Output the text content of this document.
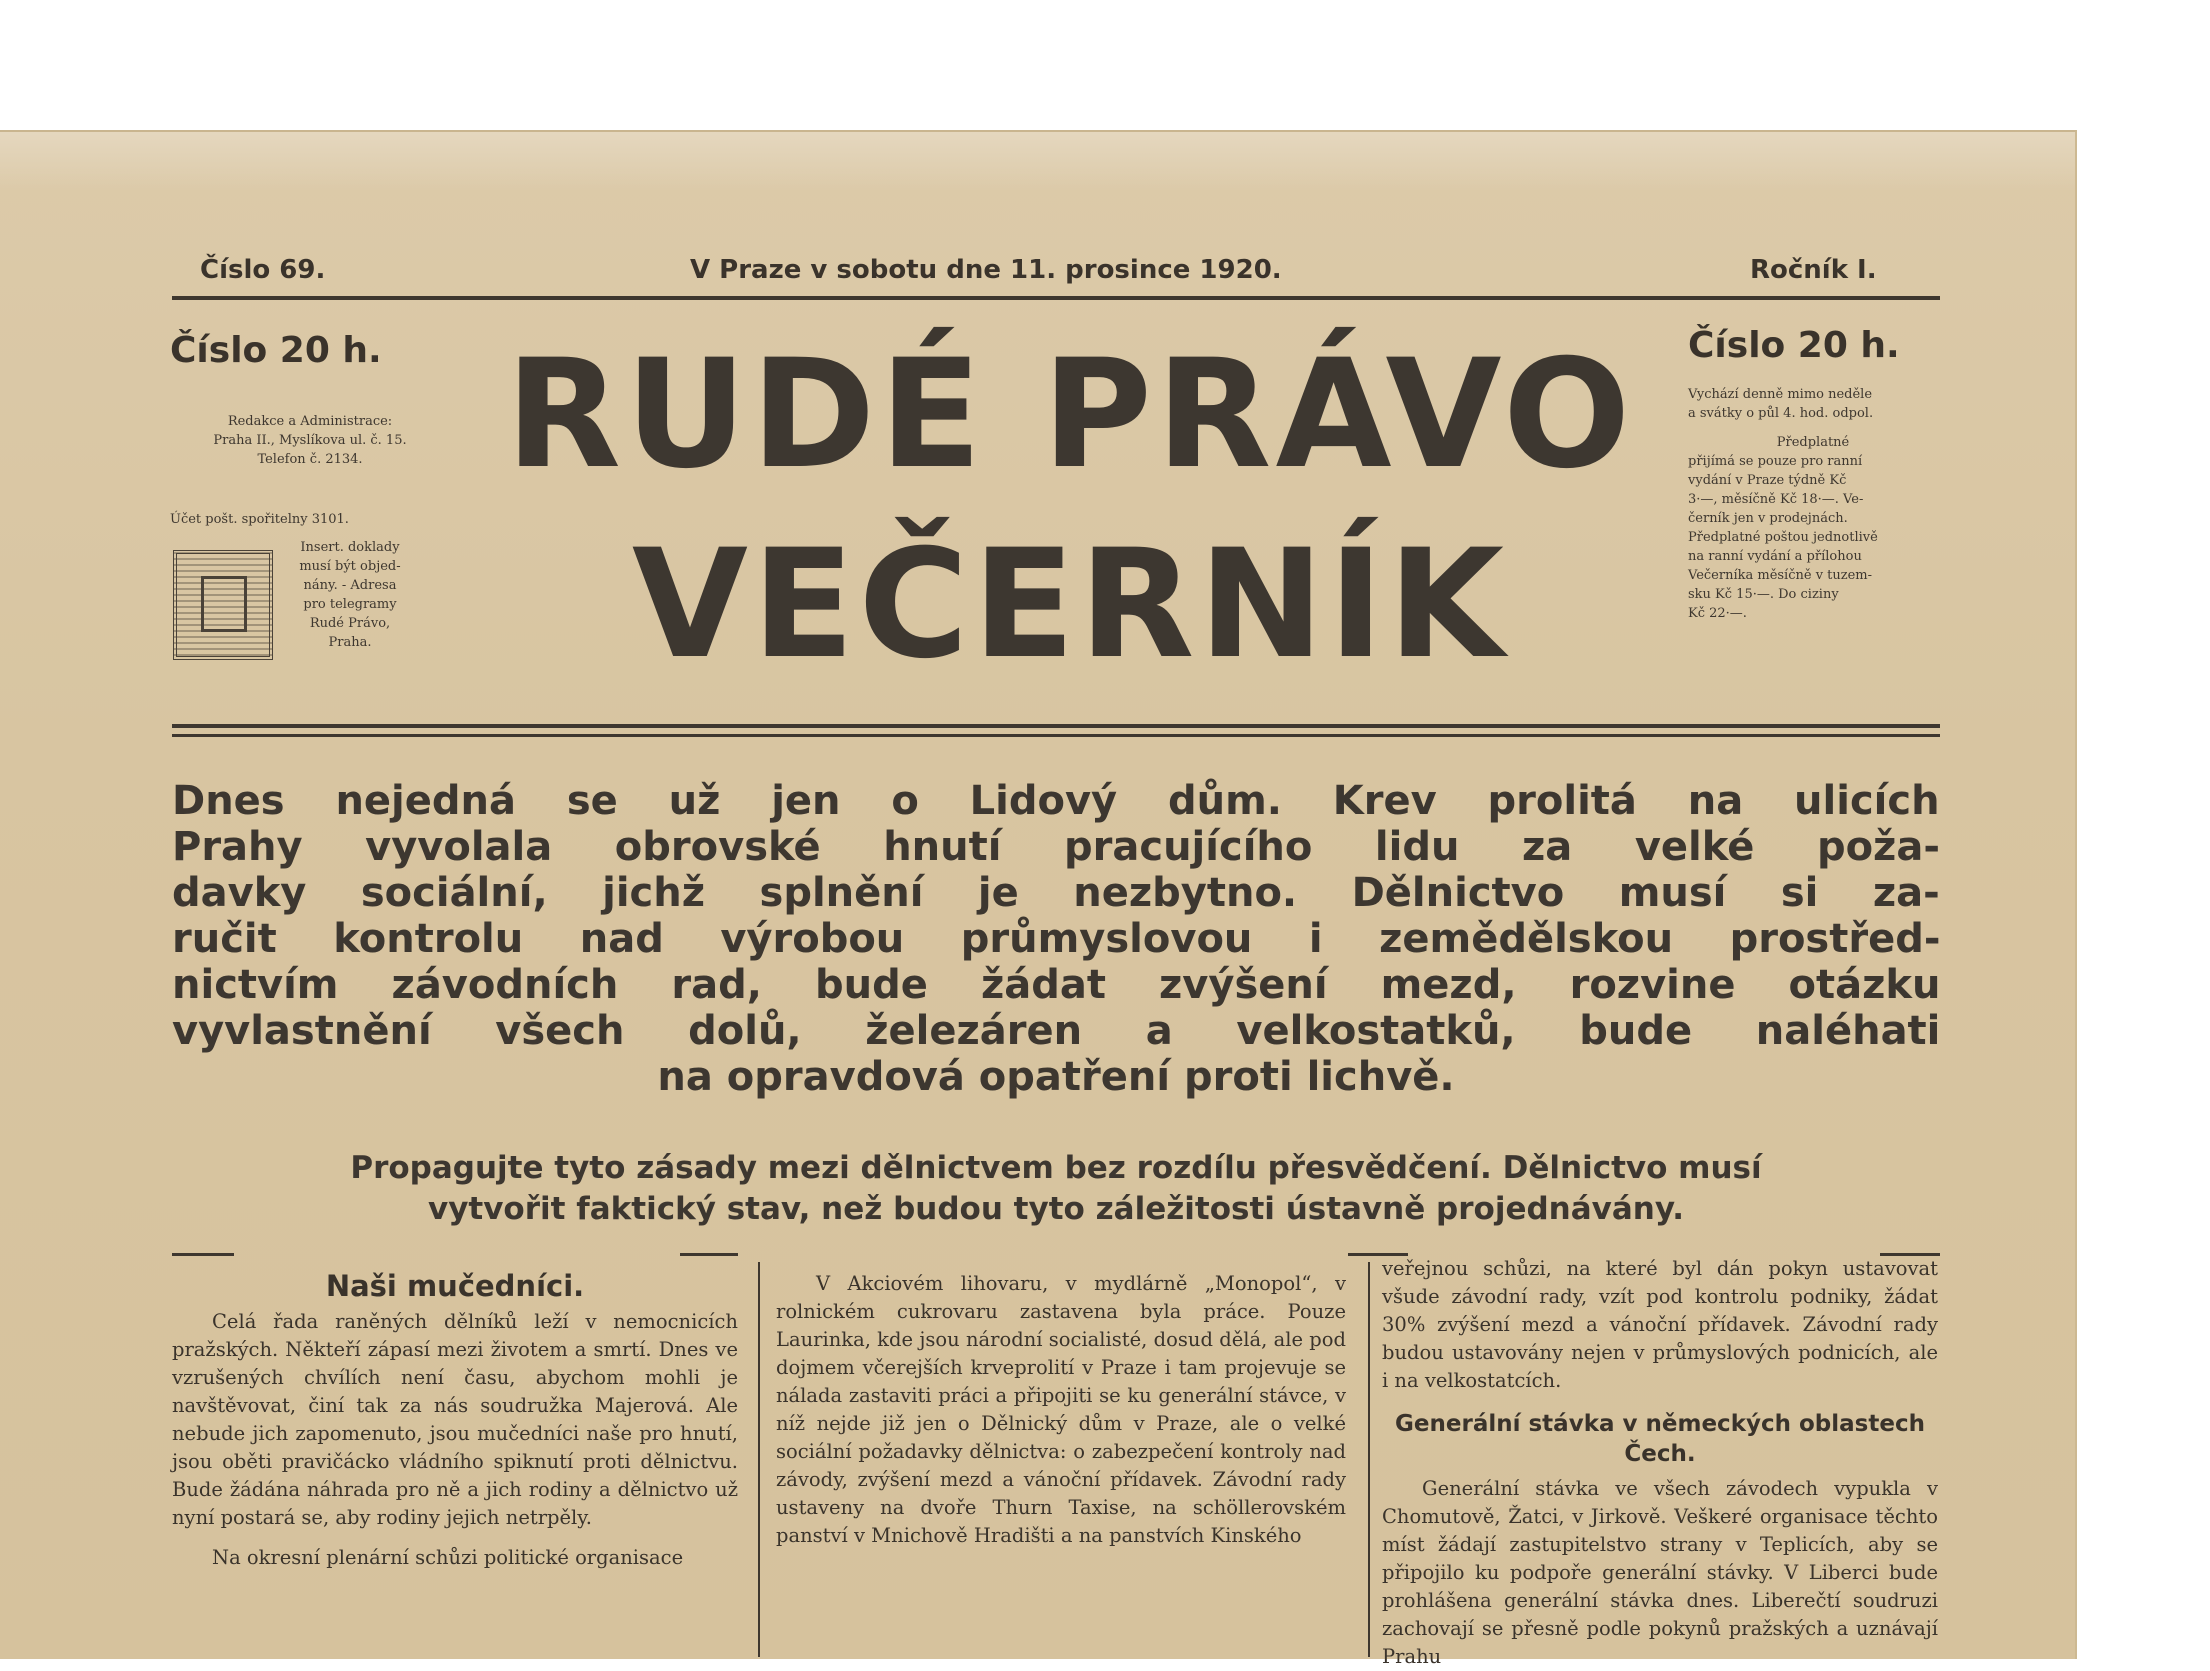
Číslo 69.	V Praze v sobotu dne 11. prosince 1920.	Ročník I.
Číslo 20 h.
Redakce a Administrace:
Praha II., Myslíkova ul. č. 15.
Telefon č. 2134.
Účet pošt. spořitelny 3101.
Insert. doklady
musí být objed-
nány. - Adresa
pro telegramy
Rudé Právo,
Praha.
RUDÉ PRÁVO
VEČERNÍK
Číslo 20 h.
Vychází denně mimo neděle
a svátky o půl 4. hod. odpol.
Předplatné
přijímá se pouze pro ranní
vydání v Praze týdně Kč
3·—, měsíčně Kč 18·—. Ve-
černík jen v prodejnách.
Předplatné poštou jednotlivě
na ranní vydání a přílohou
Večerníka měsíčně v tuzem-
sku Kč 15·—. Do ciziny
Kč 22·—.
Dnes nejedná se už jen o Lidový dům. Krev prolitá na ulicích
Prahy vyvolala obrovské hnutí pracujícího lidu za velké poža-
davky sociální, jichž splnění je nezbytno. Dělnictvo musí si za-
ručit kontrolu nad výrobou průmyslovou i zemědělskou prostřed-
nictvím závodních rad, bude žádat zvýšení mezd, rozvine otázku
vyvlastnění všech dolů, železáren a velkostatků, bude naléhati
na opravdová opatření proti lichvě.
Propagujte tyto zásady mezi dělnictvem bez rozdílu přesvědčení. Dělnictvo musí
vytvořit faktický stav, než budou tyto záležitosti ústavně projednávány.
Naši mučedníci.

Celá řada raněných dělníků leží v nemocnicích pražských. Někteří zápasí mezi životem a smrtí. Dnes ve vzrušených chvílích není času, abychom mohli je navštěvovat, činí tak za nás soudružka Majerová. Ale nebude jich zapomenuto, jsou mučedníci naše pro hnutí, jsou oběti pravičácko vládního spiknutí proti dělnictvu. Bude žádána náhrada pro ně a jich rodiny a dělnictvo už nyní postará se, aby rodiny jejich netrpěly.

Na okresní plenární schůzi politické organisace

V Akciovém lihovaru, v mydlárně „Monopol“, v rolnickém cukrovaru zastavena byla práce. Pouze Laurinka, kde jsou národní socialisté, dosud dělá, ale pod dojmem včerejších krveprolití v Praze i tam projevuje se nálada zastaviti práci a připojiti se ku generální stávce, v níž nejde již jen o Dělnický dům v Praze, ale o velké sociální požadavky dělnictva: o zabezpečení kontroly nad závody, zvýšení mezd a vánoční přídavek. Závodní rady ustaveny na dvoře Thurn Taxise, na schöllerovském panství v Mnichově Hradišti a na panstvích Kinského

veřejnou schůzi, na které byl dán pokyn ustavovat všude závodní rady, vzít pod kontrolu podniky, žádat 30% zvýšení mezd a vánoční přídavek. Závodní rady budou ustavovány nejen v průmyslových podnicích, ale i na velkostatcích.

Generální stávka v německých oblastech Čech.

Generální stávka ve všech závodech vypukla v Chomutově, Žatci, v Jirkově. Veškeré organisace těchto míst žádají zastupitelstvo strany v Teplicích, aby se připojilo ku podpoře generální stávky. V Liberci bude prohlášena generální stávka dnes. Liberečtí soudruzi zachovají se přesně podle pokynů pražských a uznávají Prahu
